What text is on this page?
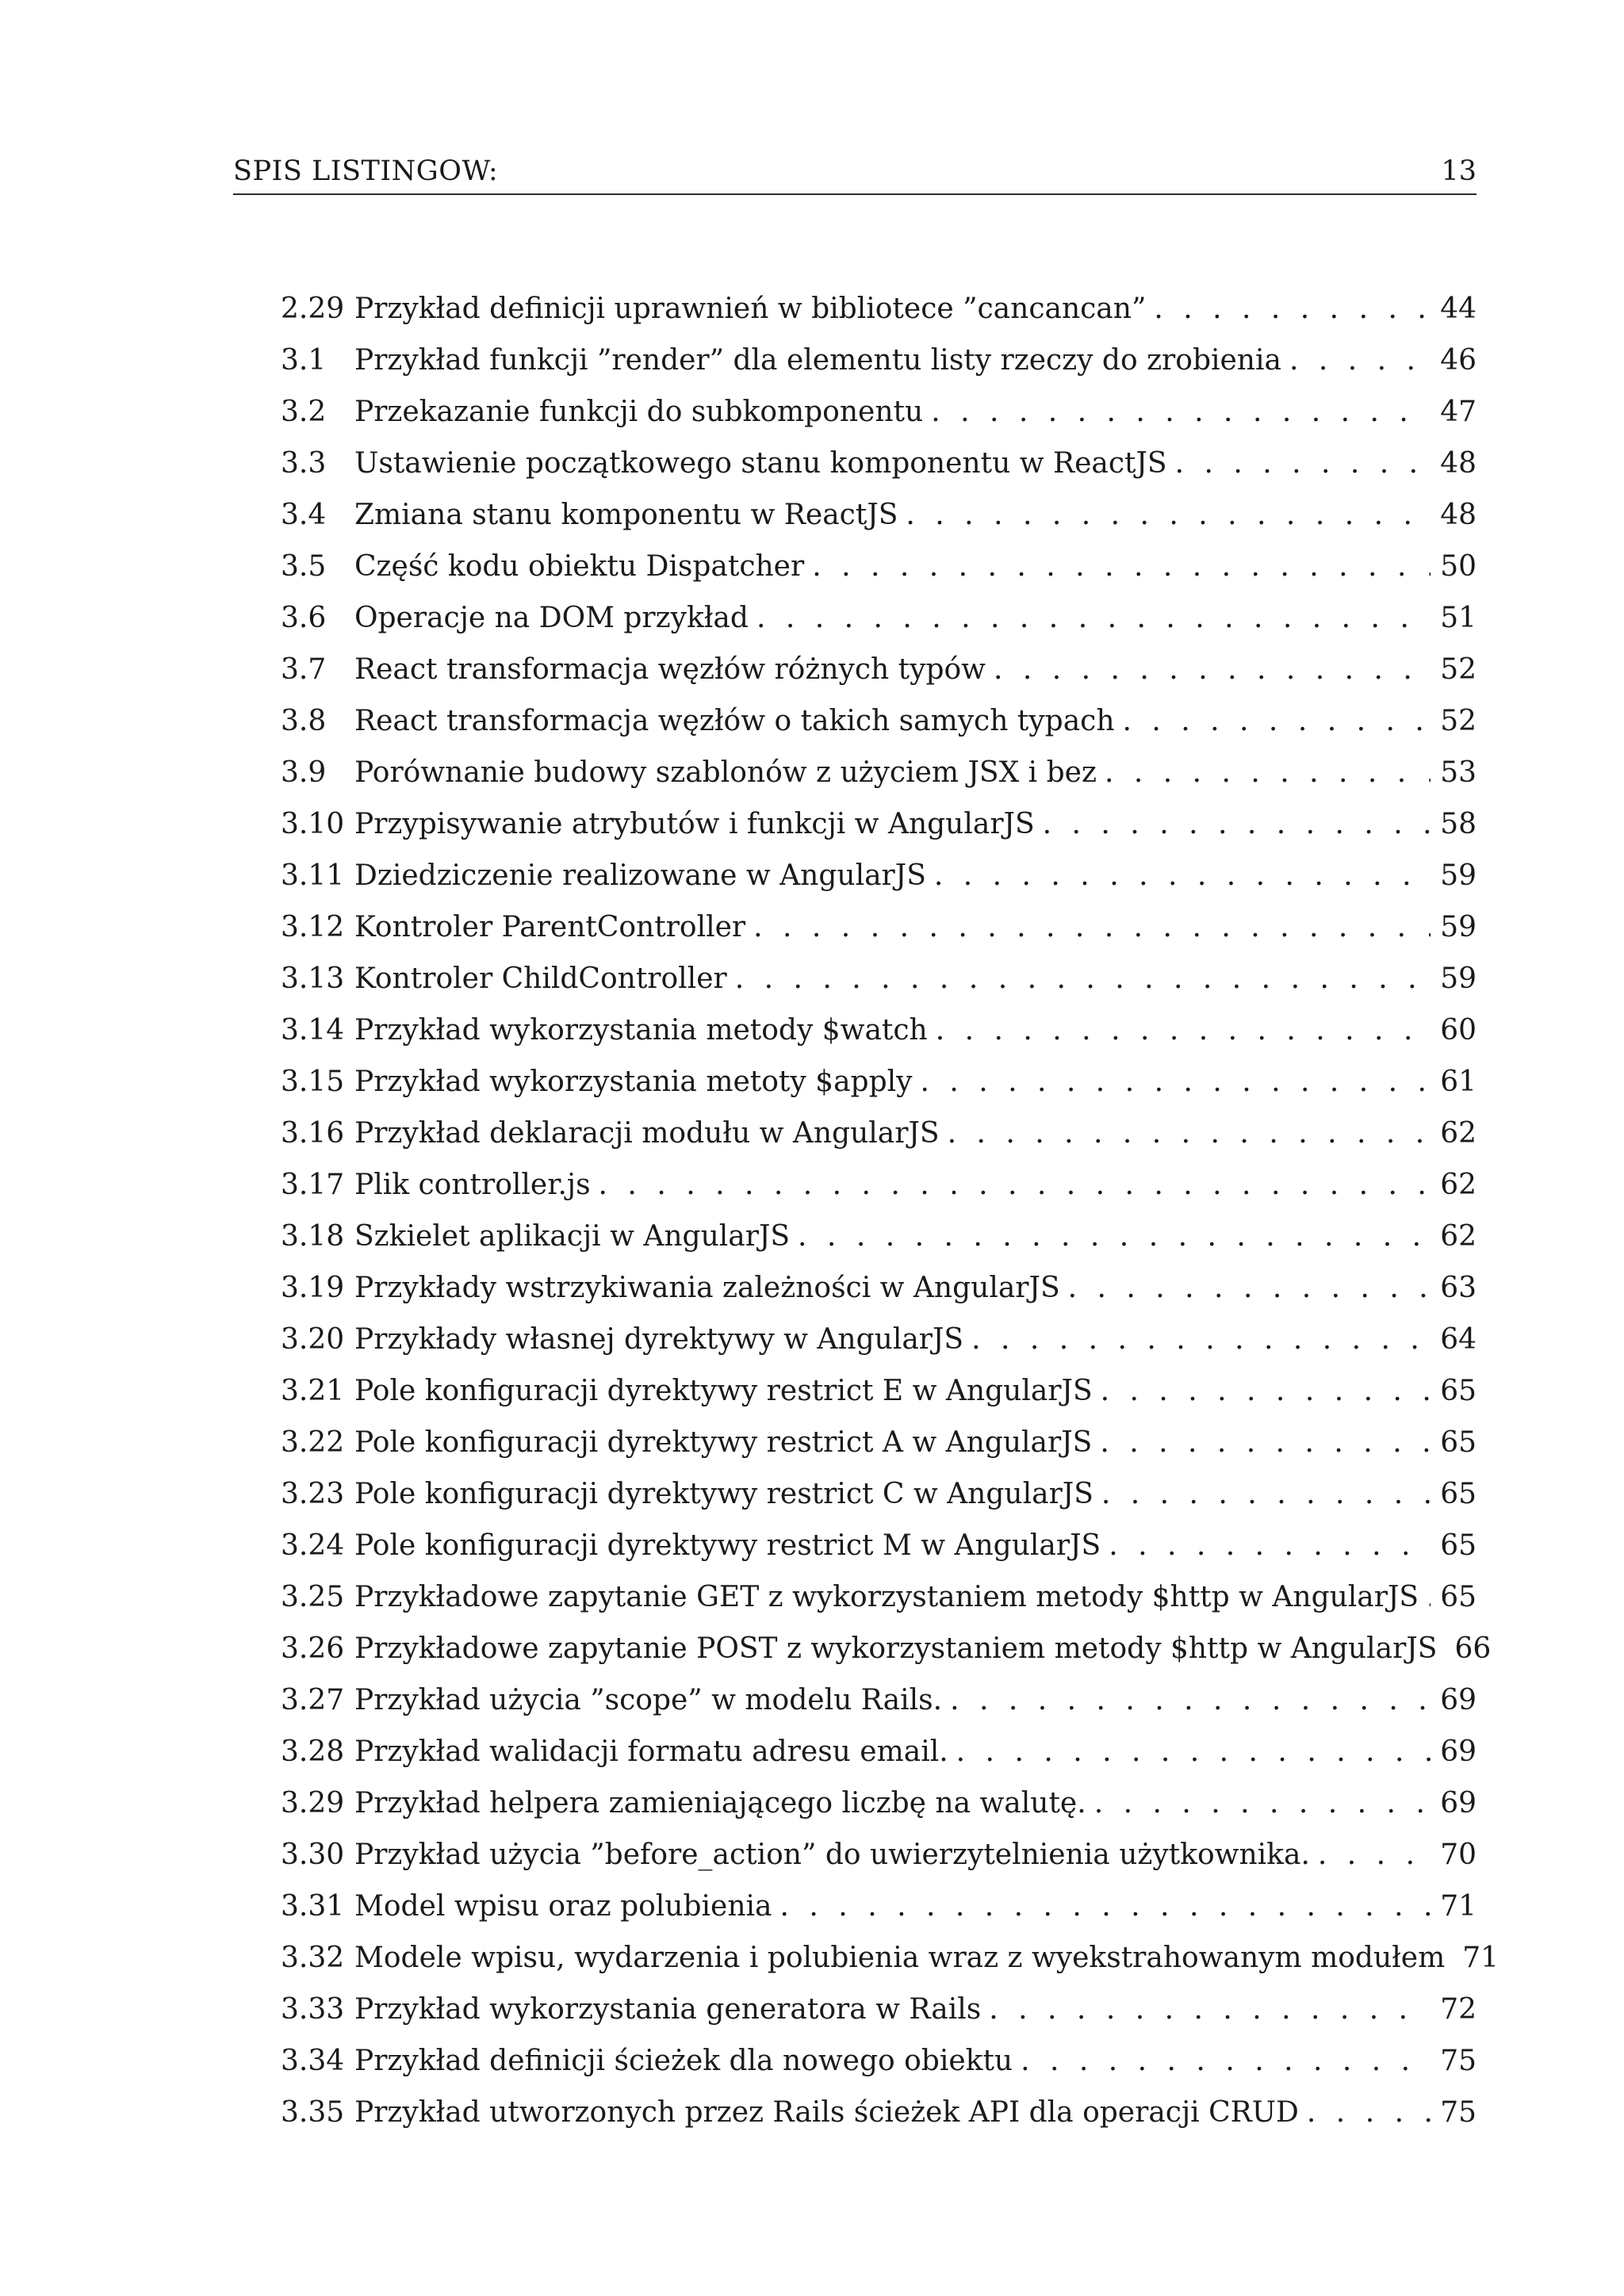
SPIS LISTINGOW:	13
2.29 Przykład definicji uprawnień w bibliotece ”cancancan” . . .	44
3.1 Przykład funkcji ”render” dla elementu listy rzeczy do zrobienia . . .	46
3.2 Przekazanie funkcji do subkomponentu . . .	47
3.3 Ustawienie początkowego stanu komponentu w ReactJS . . .	48
3.4 Zmiana stanu komponentu w ReactJS . . .	48
3.5 Część kodu obiektu Dispatcher . . .	50
3.6 Operacje na DOM przykład . . .	51
3.7 React transformacja węzłów różnych typów . . .	52
3.8 React transformacja węzłów o takich samych typach . . .	52
3.9 Porównanie budowy szablonów z użyciem JSX i bez . . .	53
3.10 Przypisywanie atrybutów i funkcji w AngularJS . . .	58
3.11 Dziedziczenie realizowane w AngularJS . . .	59
3.12 Kontroler ParentController . . .	59
3.13 Kontroler ChildController . . .	59
3.14 Przykład wykorzystania metody $watch . . .	60
3.15 Przykład wykorzystania metoty $apply . . .	61
3.16 Przykład deklaracji modułu w AngularJS . . .	62
3.17 Plik controller.js . . .	62
3.18 Szkielet aplikacji w AngularJS . . .	62
3.19 Przykłady wstrzykiwania zależności w AngularJS . . .	63
3.20 Przykłady własnej dyrektywy w AngularJS . . .	64
3.21 Pole konfiguracji dyrektywy restrict E w AngularJS . . .	65
3.22 Pole konfiguracji dyrektywy restrict A w AngularJS . . .	65
3.23 Pole konfiguracji dyrektywy restrict C w AngularJS . . .	65
3.24 Pole konfiguracji dyrektywy restrict M w AngularJS . . .	65
3.25 Przykładowe zapytanie GET z wykorzystaniem metody $http w AngularJS . . . 65
3.26 Przykładowe zapytanie POST z wykorzystaniem metody $http w AngularJS 66
3.27 Przykład użycia ”scope” w modelu Rails. . . .	69
3.28 Przykład walidacji formatu adresu email. . . .	69
3.29 Przykład helpera zamieniającego liczbę na walutę. . . .	69
3.30 Przykład użycia ”before_action” do uwierzytelnienia użytkownika. . . .	70
3.31 Model wpisu oraz polubienia . . .	71
3.32 Modele wpisu, wydarzenia i polubienia wraz z wyekstrahowanym modułem 71
3.33 Przykład wykorzystania generatora w Rails . . .	72
3.34 Przykład definicji ścieżek dla nowego obiektu . . .	75
3.35 Przykład utworzonych przez Rails ścieżek API dla operacji CRUD . . .	75
